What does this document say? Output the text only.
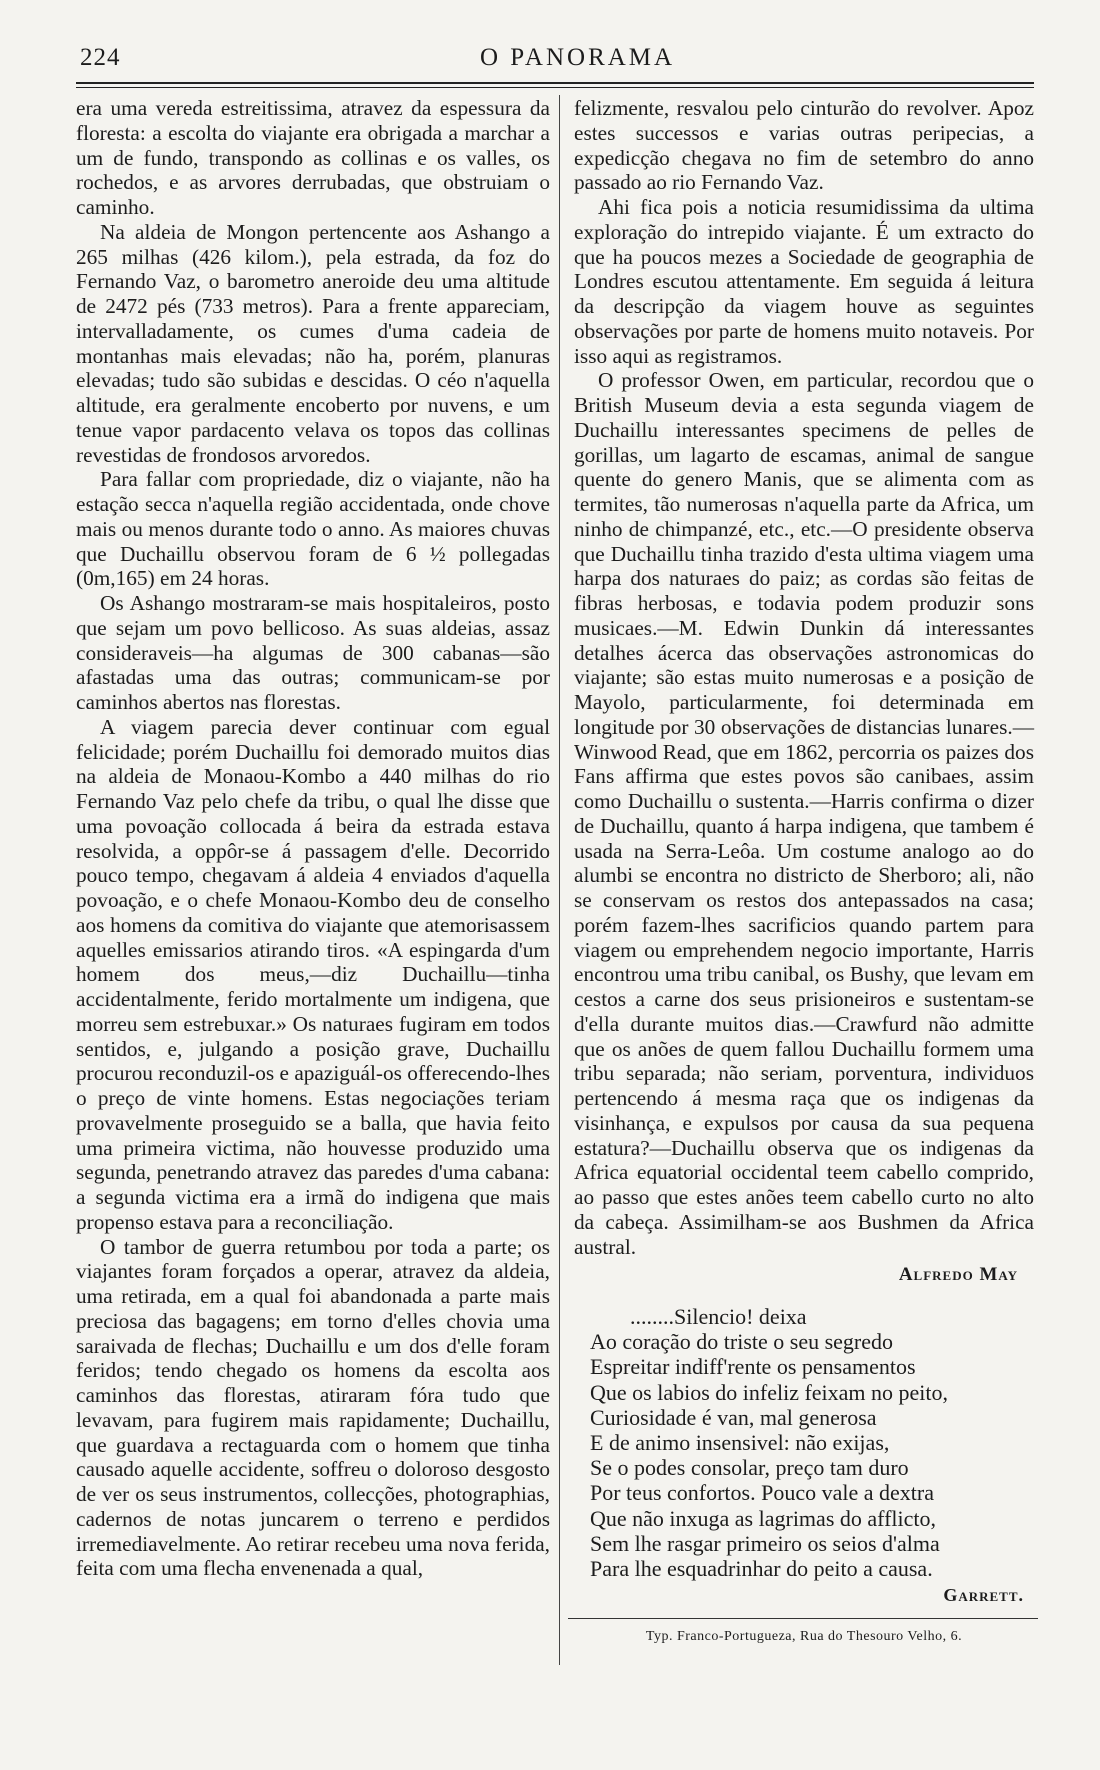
224	O PANORAMA

era uma vereda estreitissima, atravez da espessura da floresta: a escolta do viajante era obrigada a marchar a um de fundo, transpondo as collinas e os valles, os rochedos, e as arvores derrubadas, que obstruiam o caminho.

Na aldeia de Mongon pertencente aos Ashango a 265 milhas (426 kilom.), pela estrada, da foz do Fernando Vaz, o barometro aneroide deu uma altitude de 2472 pés (733 metros). Para a frente appareciam, intervalladamente, os cumes d'uma cadeia de montanhas mais elevadas; não ha, porém, planuras elevadas; tudo são subidas e descidas. O céo n'aquella altitude, era geralmente encoberto por nuvens, e um tenue vapor pardacento velava os topos das collinas revestidas de frondosos arvoredos.

Para fallar com propriedade, diz o viajante, não ha estação secca n'aquella região accidentada, onde chove mais ou menos durante todo o anno. As maiores chuvas que Duchaillu observou foram de 6 ½ pollegadas (0m,165) em 24 horas.

Os Ashango mostraram-se mais hospitaleiros, posto que sejam um povo bellicoso. As suas aldeias, assaz consideraveis—ha algumas de 300 cabanas—são afastadas uma das outras; communicam-se por caminhos abertos nas florestas.

A viagem parecia dever continuar com egual felicidade; porém Duchaillu foi demorado muitos dias na aldeia de Monaou-Kombo a 440 milhas do rio Fernando Vaz pelo chefe da tribu, o qual lhe disse que uma povoação collocada á beira da estrada estava resolvida, a oppôr-se á passagem d'elle. Decorrido pouco tempo, chegavam á aldeia 4 enviados d'aquella povoação, e o chefe Monaou-Kombo deu de conselho aos homens da comitiva do viajante que atemorisassem aquelles emissarios atirando tiros. «A espingarda d'um homem dos meus,—diz Duchaillu—tinha accidentalmente, ferido mortalmente um indigena, que morreu sem estrebuxar.» Os naturaes fugiram em todos sentidos, e, julgando a posição grave, Duchaillu procurou reconduzil-os e apaziguál-os offerecendo-lhes o preço de vinte homens. Estas negociações teriam provavelmente proseguido se a balla, que havia feito uma primeira victima, não houvesse produzido uma segunda, penetrando atravez das paredes d'uma cabana: a segunda victima era a irmã do indigena que mais propenso estava para a reconciliação.

O tambor de guerra retumbou por toda a parte; os viajantes foram forçados a operar, atravez da aldeia, uma retirada, em a qual foi abandonada a parte mais preciosa das bagagens; em torno d'elles chovia uma saraivada de flechas; Duchaillu e um dos d'elle foram feridos; tendo chegado os homens da escolta aos caminhos das florestas, atiraram fóra tudo que levavam, para fugirem mais rapidamente; Duchaillu, que guardava a rectaguarda com o homem que tinha causado aquelle accidente, soffreu o doloroso desgosto de ver os seus instrumentos, collecções, photographias, cadernos de notas juncarem o terreno e perdidos irremediavelmente. Ao retirar recebeu uma nova ferida, feita com uma flecha envenenada a qual,

felizmente, resvalou pelo cinturão do revolver. Apoz estes successos e varias outras peripecias, a expedicção chegava no fim de setembro do anno passado ao rio Fernando Vaz.

Ahi fica pois a noticia resumidissima da ultima exploração do intrepido viajante. É um extracto do que ha poucos mezes a Sociedade de geographia de Londres escutou attentamente. Em seguida á leitura da descripção da viagem houve as seguintes observações por parte de homens muito notaveis. Por isso aqui as registramos.

O professor Owen, em particular, recordou que o British Museum devia a esta segunda viagem de Duchaillu interessantes specimens de pelles de gorillas, um lagarto de escamas, animal de sangue quente do genero Manis, que se alimenta com as termites, tão numerosas n'aquella parte da Africa, um ninho de chimpanzé, etc., etc.—O presidente observa que Duchaillu tinha trazido d'esta ultima viagem uma harpa dos naturaes do paiz; as cordas são feitas de fibras herbosas, e todavia podem produzir sons musicaes.—M. Edwin Dunkin dá interessantes detalhes ácerca das observações astronomicas do viajante; são estas muito numerosas e a posição de Mayolo, particularmente, foi determinada em longitude por 30 observações de distancias lunares.—Winwood Read, que em 1862, percorria os paizes dos Fans affirma que estes povos são canibaes, assim como Duchaillu o sustenta.—Harris confirma o dizer de Duchaillu, quanto á harpa indigena, que tambem é usada na Serra-Leôa. Um costume analogo ao do alumbi se encontra no districto de Sherboro; ali, não se conservam os restos dos antepassados na casa; porém fazem-lhes sacrificios quando partem para viagem ou emprehendem negocio importante, Harris encontrou uma tribu canibal, os Bushy, que levam em cestos a carne dos seus prisioneiros e sustentam-se d'ella durante muitos dias.—Crawfurd não admitte que os anões de quem fallou Duchaillu formem uma tribu separada; não seriam, porventura, individuos pertencendo á mesma raça que os indigenas da visinhança, e expulsos por causa da sua pequena estatura?—Duchaillu observa que os indigenas da Africa equatorial occidental teem cabello comprido, ao passo que estes anões teem cabello curto no alto da cabeça. Assimilham-se aos Bushmen da Africa austral.

Alfredo May
........Silencio! deixa
Ao coração do triste o seu segredo
Espreitar indiff'rente os pensamentos
Que os labios do infeliz feixam no peito,
Curiosidade é van, mal generosa
E de animo insensivel: não exijas,
Se o podes consolar, preço tam duro
Por teus confortos. Pouco vale a dextra
Que não inxuga as lagrimas do afflicto,
Sem lhe rasgar primeiro os seios d'alma
Para lhe esquadrinhar do peito a causa.
Garrett.
Typ. Franco-Portugueza, Rua do Thesouro Velho, 6.
